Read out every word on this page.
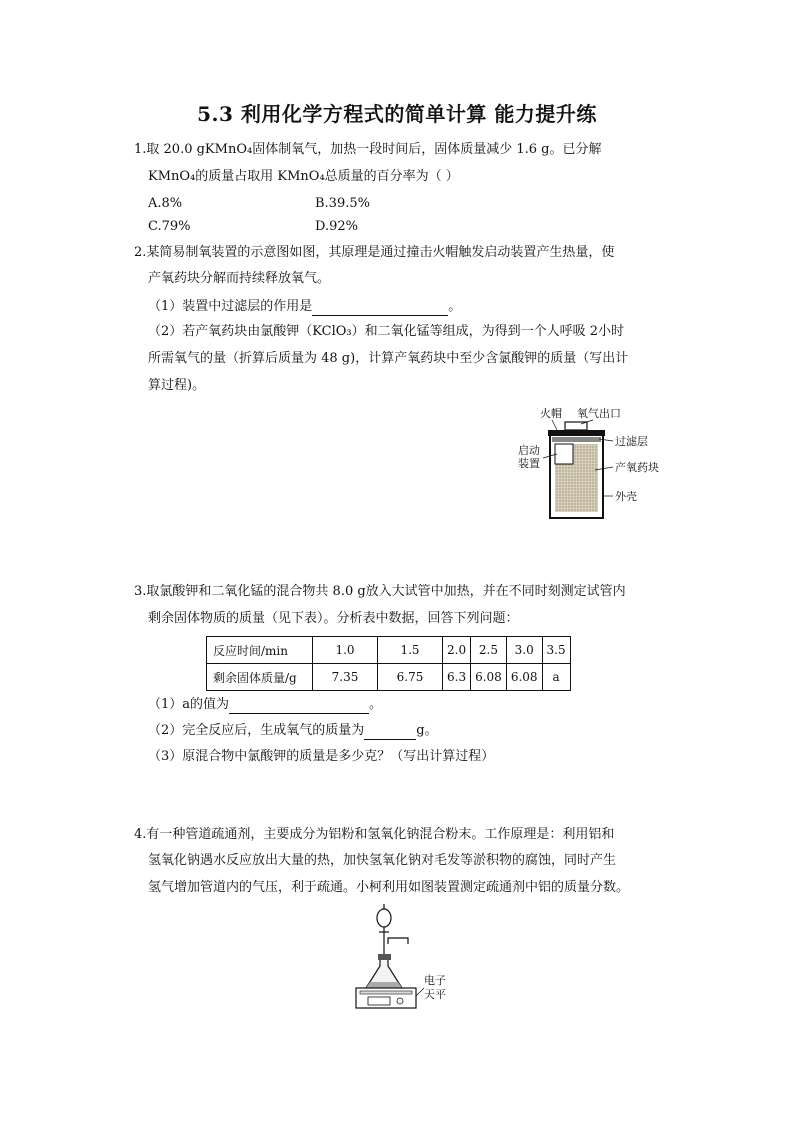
5.3 利用化学方程式的简单计算 能力提升练
1.取 20.0 gKMnO₄固体制氧气，加热一段时间后，固体质量减少 1.6 g。已分解
KMnO₄的质量占取用 KMnO₄总质量的百分率为（ ）
A.8%	B.39.5%
C.79%	D.92%
2.某简易制氧装置的示意图如图，其原理是通过撞击火帽触发启动装置产生热量，使
产氧药块分解而持续释放氧气。
（1）装置中过滤层的作用是	。
（2）若产氧药块由氯酸钾（KClO₃）和二氧化锰等组成，为得到一个人呼吸 2小时
所需氧气的量（折算后质量为 48 g)，计算产氧药块中至少含氯酸钾的质量（写出计
算过程)。
火帽 氧气出口
过滤层
启动
装置	产氧药块
外壳
3.取氯酸钾和二氧化锰的混合物共 8.0 g放入大试管中加热，并在不同时刻测定试管内
剩余固体物质的质量（见下表）。分析表中数据，回答下列问题：
反应时间/min	1.0	1.5	2.0	2.5	3.0	3.5
剩余固体质量/g	7.35	6.75	6.3	6.08	6.08	a
（1）a的值为	。
（2）完全反应后，生成氧气的质量为	g。
（3）原混合物中氯酸钾的质量是多少克？（写出计算过程）
4.有一种管道疏通剂，主要成分为铝粉和氢氧化钠混合粉末。工作原理是：利用铝和
氢氧化钠遇水反应放出大量的热，加快氢氧化钠对毛发等淤积物的腐蚀，同时产生
氢气增加管道内的气压，利于疏通。小柯利用如图装置测定疏通剂中铝的质量分数。
电子
天平
